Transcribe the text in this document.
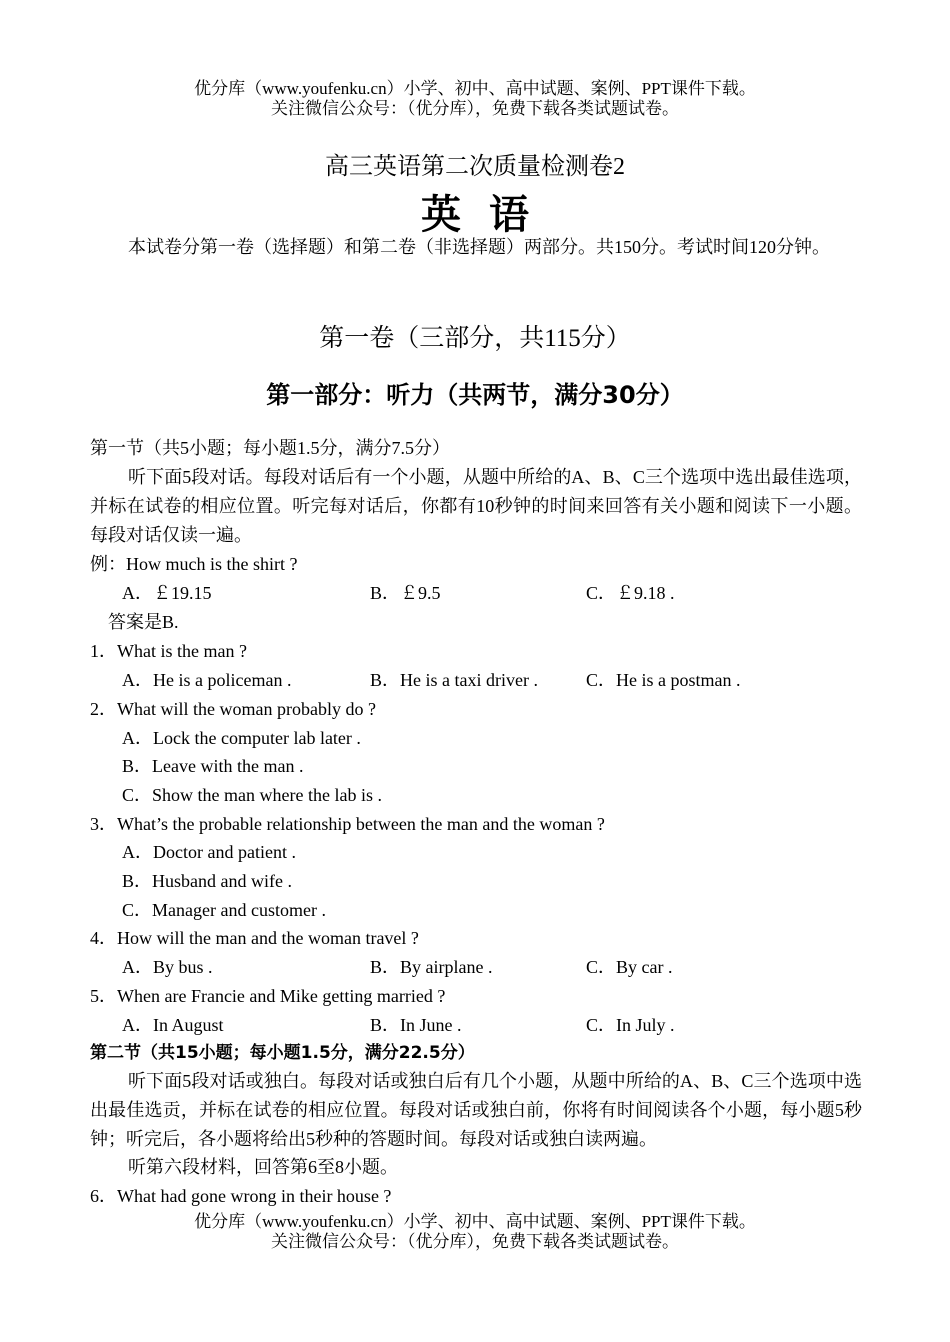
优分库（www.youfenku.cn）小学、初中、高中试题、案例、PPT课件下载。
关注微信公众号：（优分库），免费下载各类试题试卷。
高三英语第二次质量检测卷2
英语
本试卷分第一卷（选择题）和第二卷（非选择题）两部分。共150分。考试时间120分钟。
第一卷（三部分，共115分）
第一部分：听力（共两节，满分30分）
第一节（共5小题；每小题1.5分，满分7.5分）
听下面5段对话。每段对话后有一个小题，从题中所给的A、B、C三个选项中选出最佳选项，并标在试卷的相应位置。听完每对话后，你都有10秒钟的时间来回答有关小题和阅读下一小题。每段对话仅读一遍。
例：How much is the shirt ?
A．￡19.15	B．￡9.5	C．￡9.18 .
答案是B.
1．What is the man ?
A．He is a policeman .	B．He is a taxi driver .	C．He is a postman .
2．What will the woman probably do ?
A．Lock the computer lab later .
B．Leave with the man .
C．Show the man where the lab is .
3．What’s the probable relationship between the man and the woman ?
A．Doctor and patient .
B．Husband and wife .
C．Manager and customer .
4．How will the man and the woman travel ?
A．By bus .	B．By airplane .	C．By car .
5．When are Francie and Mike getting married ?
A．In August	B．In June .	C．In July .
第二节（共15小题；每小题1.5分，满分22.5分）
听下面5段对话或独白。每段对话或独白后有几个小题，从题中所给的A、B、C三个选项中选出最佳选贡，并标在试卷的相应位置。每段对话或独白前，你将有时间阅读各个小题，每小题5秒钟；听完后，各小题将给出5秒种的答题时间。每段对话或独白读两遍。
听第六段材料，回答第6至8小题。
6．What had gone wrong in their house ?
优分库（www.youfenku.cn）小学、初中、高中试题、案例、PPT课件下载。
关注微信公众号：（优分库），免费下载各类试题试卷。
